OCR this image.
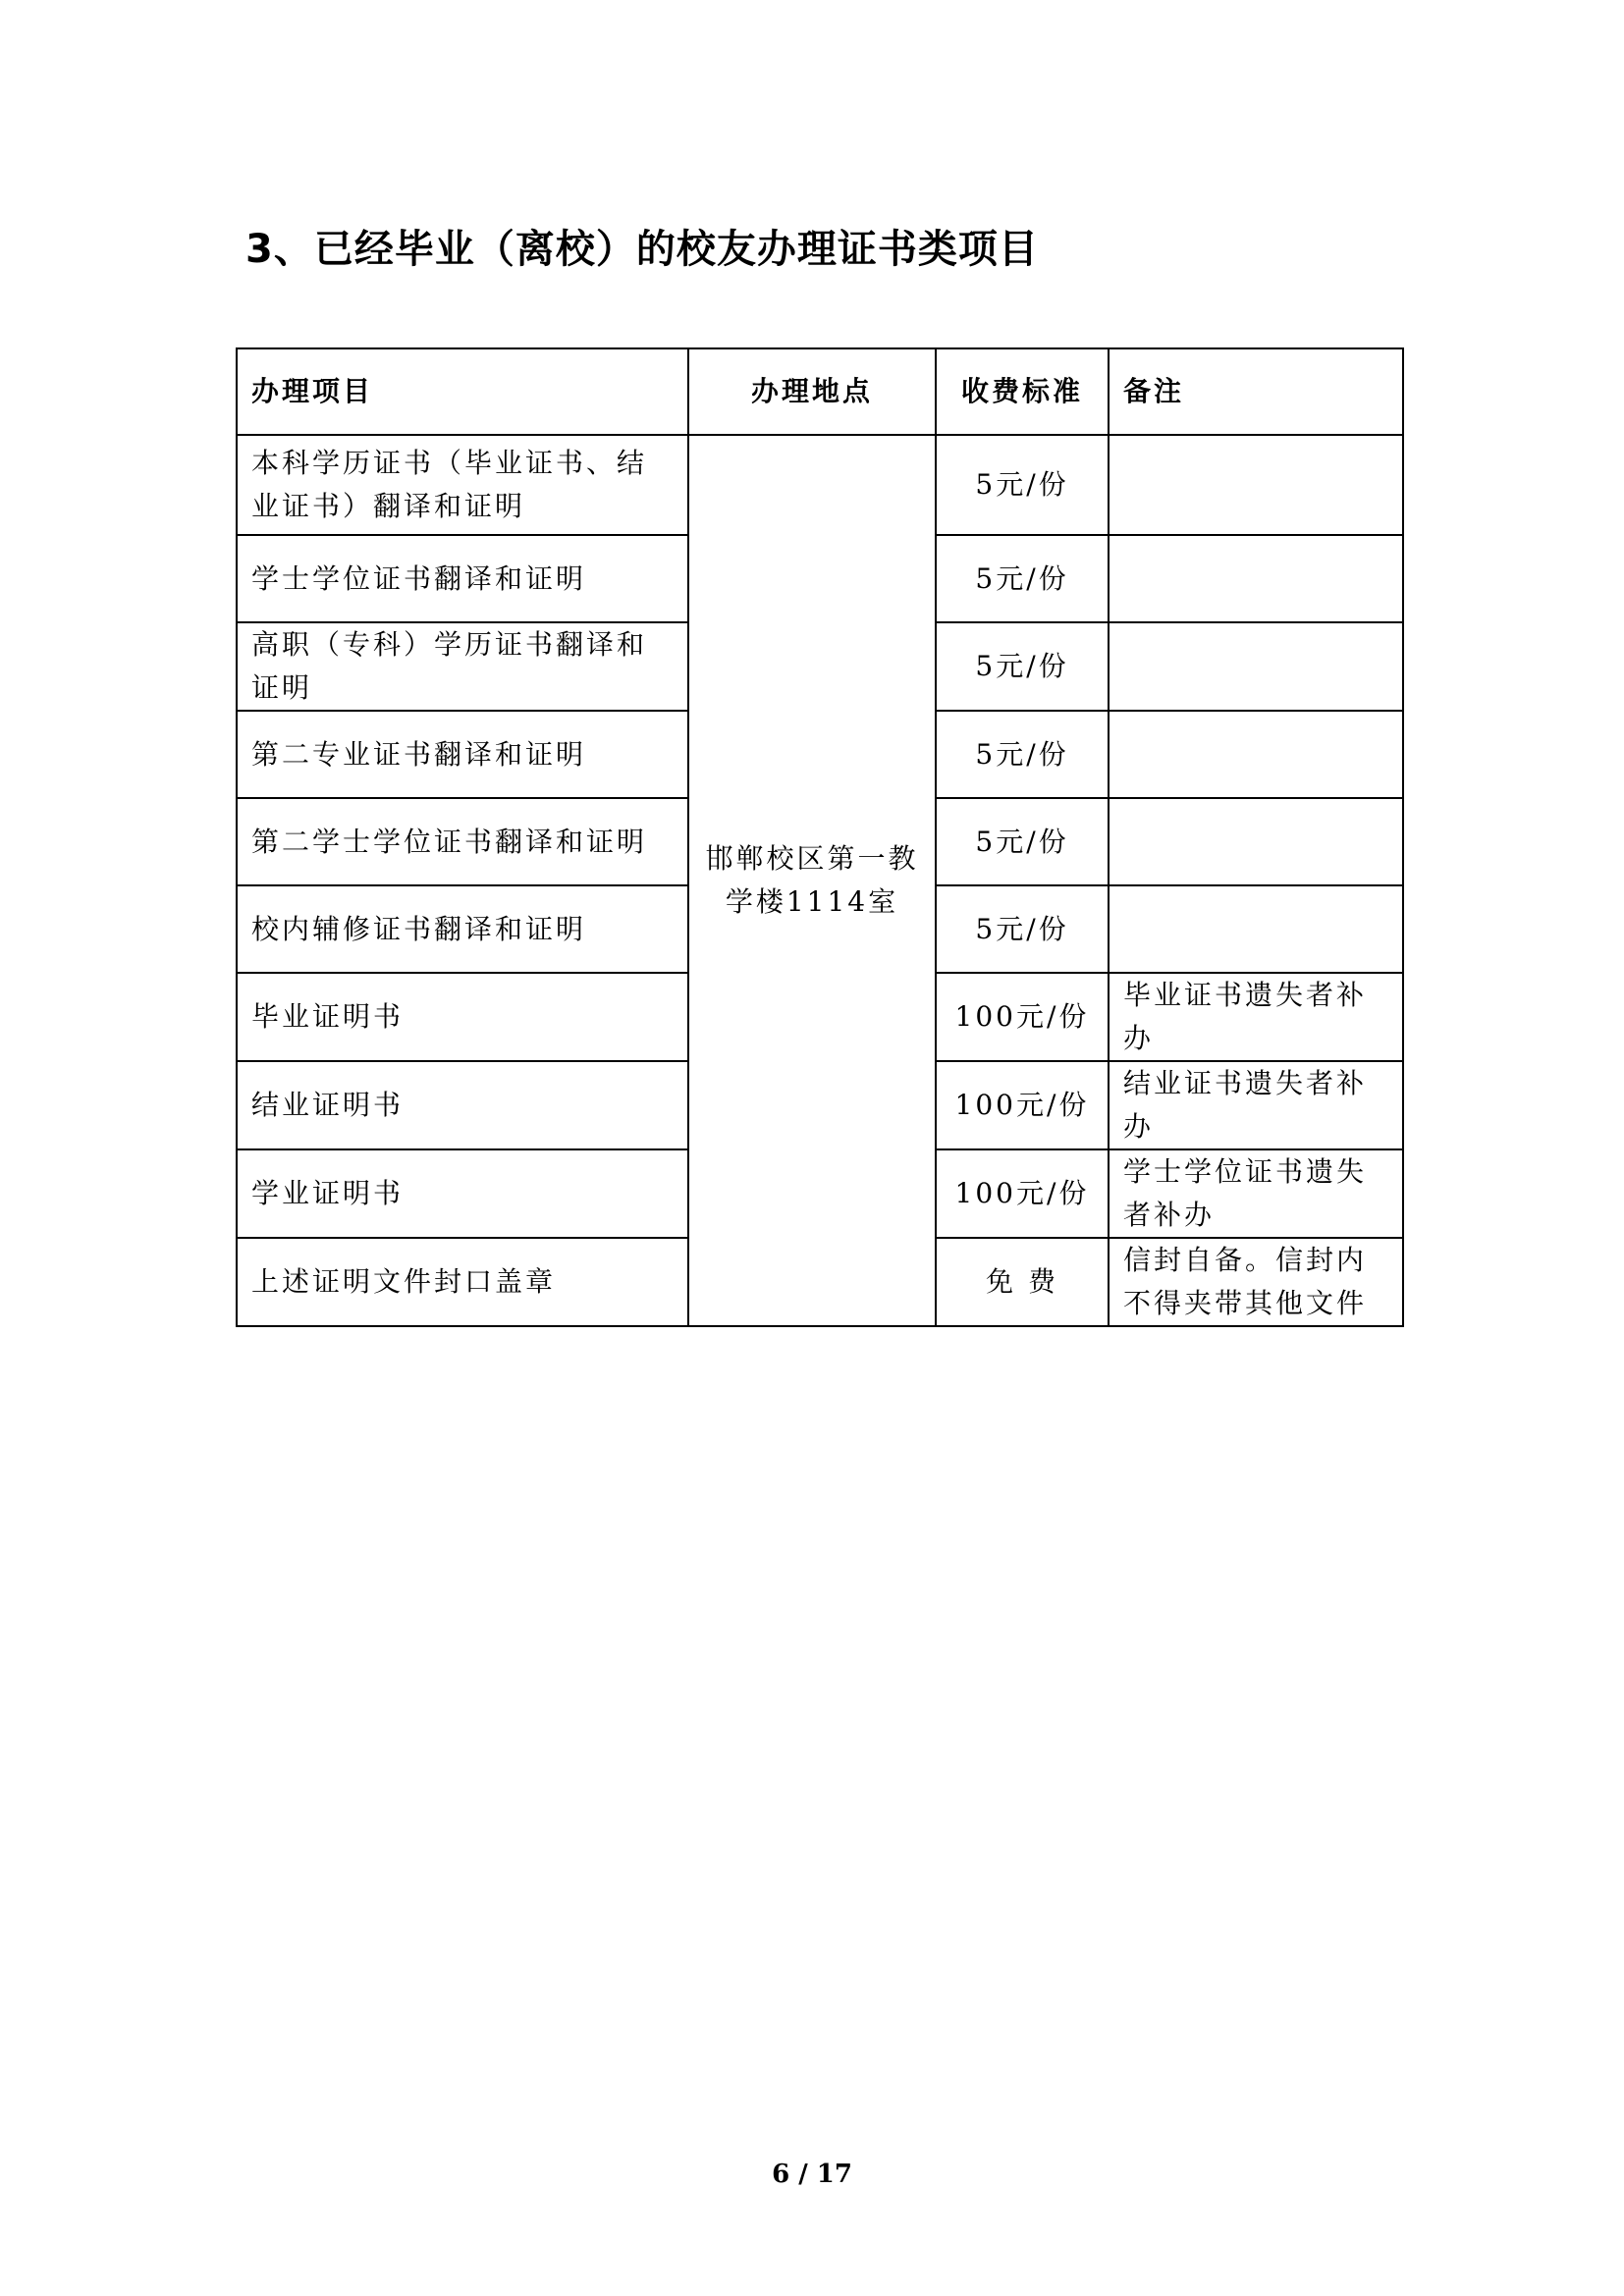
3、已经毕业（离校）的校友办理证书类项目
办理项目	办理地点	收费标准	备注
本科学历证书（毕业证书、结业证书）翻译和证明	邯郸校区第一教学楼1114室	5元/份	
学士学位证书翻译和证明		5元/份	
高职（专科）学历证书翻译和证明		5元/份	
第二专业证书翻译和证明		5元/份	
第二学士学位证书翻译和证明		5元/份	
校内辅修证书翻译和证明		5元/份	
毕业证明书		100元/份	毕业证书遗失者补办
结业证明书		100元/份	结业证书遗失者补办
学业证明书		100元/份	学士学位证书遗失者补办
上述证明文件封口盖章		免 费	信封自备。信封内不得夹带其他文件
6 / 17
